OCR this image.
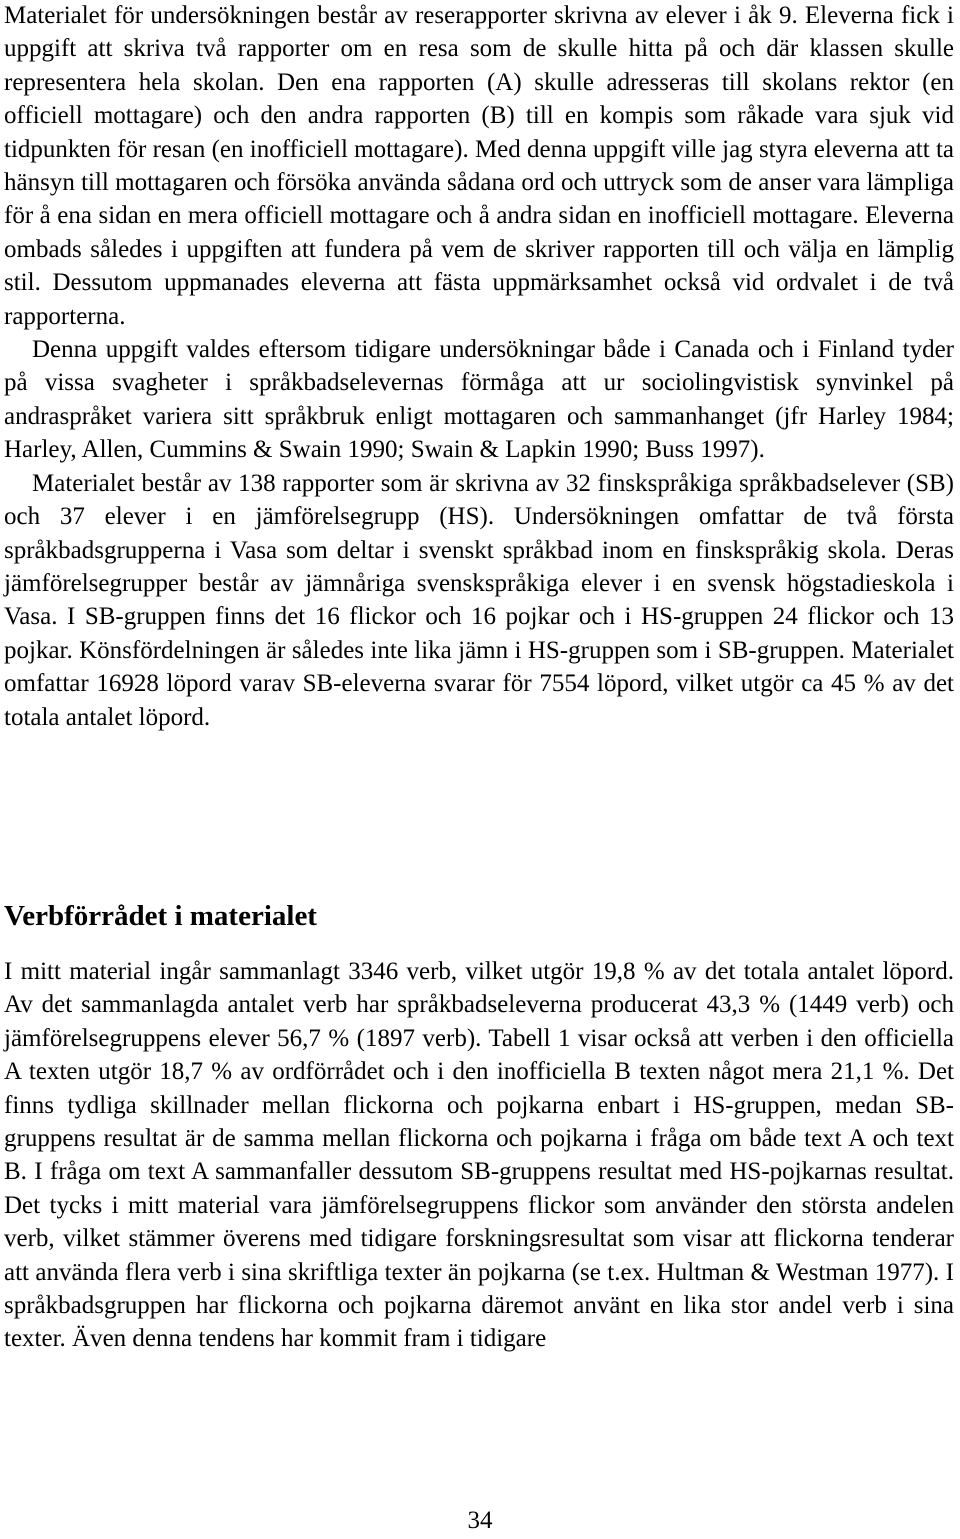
Materialet för undersökningen består av reserapporter skrivna av elever i åk 9. Eleverna fick i uppgift att skriva två rapporter om en resa som de skulle hitta på och där klassen skulle representera hela skolan. Den ena rapporten (A) skulle adresseras till skolans rektor (en officiell mottagare) och den andra rapporten (B) till en kompis som råkade vara sjuk vid tidpunkten för resan (en inofficiell mottagare). Med denna uppgift ville jag styra eleverna att ta hänsyn till mottagaren och försöka använda sådana ord och uttryck som de anser vara lämpliga för å ena sidan en mera officiell mottagare och å andra sidan en inofficiell mottagare. Eleverna ombads således i uppgiften att fundera på vem de skriver rapporten till och välja en lämplig stil. Dessutom uppmanades eleverna att fästa uppmärksamhet också vid ordvalet i de två rapporterna.

Denna uppgift valdes eftersom tidigare undersökningar både i Canada och i Finland tyder på vissa svagheter i språkbadselevernas förmåga att ur sociolingvistisk synvinkel på andraspråket variera sitt språkbruk enligt mottagaren och sammanhanget (jfr Harley 1984; Harley, Allen, Cummins & Swain 1990; Swain & Lapkin 1990; Buss 1997).

Materialet består av 138 rapporter som är skrivna av 32 finskspråkiga språkbadselever (SB) och 37 elever i en jämförelsegrupp (HS). Undersökningen omfattar de två första språkbadsgrupperna i Vasa som deltar i svenskt språkbad inom en finskspråkig skola. Deras jämförelsegrupper består av jämnåriga svenskspråkiga elever i en svensk högstadieskola i Vasa. I SB-gruppen finns det 16 flickor och 16 pojkar och i HS-gruppen 24 flickor och 13 pojkar. Könsfördelningen är således inte lika jämn i HS-gruppen som i SB-gruppen. Materialet omfattar 16928 löpord varav SB-eleverna svarar för 7554 löpord, vilket utgör ca 45 % av det totala antalet löpord.

Verbförrådet i materialet

I mitt material ingår sammanlagt 3346 verb, vilket utgör 19,8 % av det totala antalet löpord. Av det sammanlagda antalet verb har språkbadseleverna producerat 43,3 % (1449 verb) och jämförelsegruppens elever 56,7 % (1897 verb). Tabell 1 visar också att verben i den officiella A texten utgör 18,7 % av ordförrådet och i den inofficiella B texten något mera 21,1 %. Det finns tydliga skillnader mellan flickorna och pojkarna enbart i HS-gruppen, medan SB-gruppens resultat är de samma mellan flickorna och pojkarna i fråga om både text A och text B. I fråga om text A sammanfaller dessutom SB-gruppens resultat med HS-pojkarnas resultat. Det tycks i mitt material vara jämförelsegruppens flickor som använder den största andelen verb, vilket stämmer överens med tidigare forskningsresultat som visar att flickorna tenderar att använda flera verb i sina skriftliga texter än pojkarna (se t.ex. Hultman & Westman 1977). I språkbadsgruppen har flickorna och pojkarna däremot använt en lika stor andel verb i sina texter. Även denna tendens har kommit fram i tidigare

34
